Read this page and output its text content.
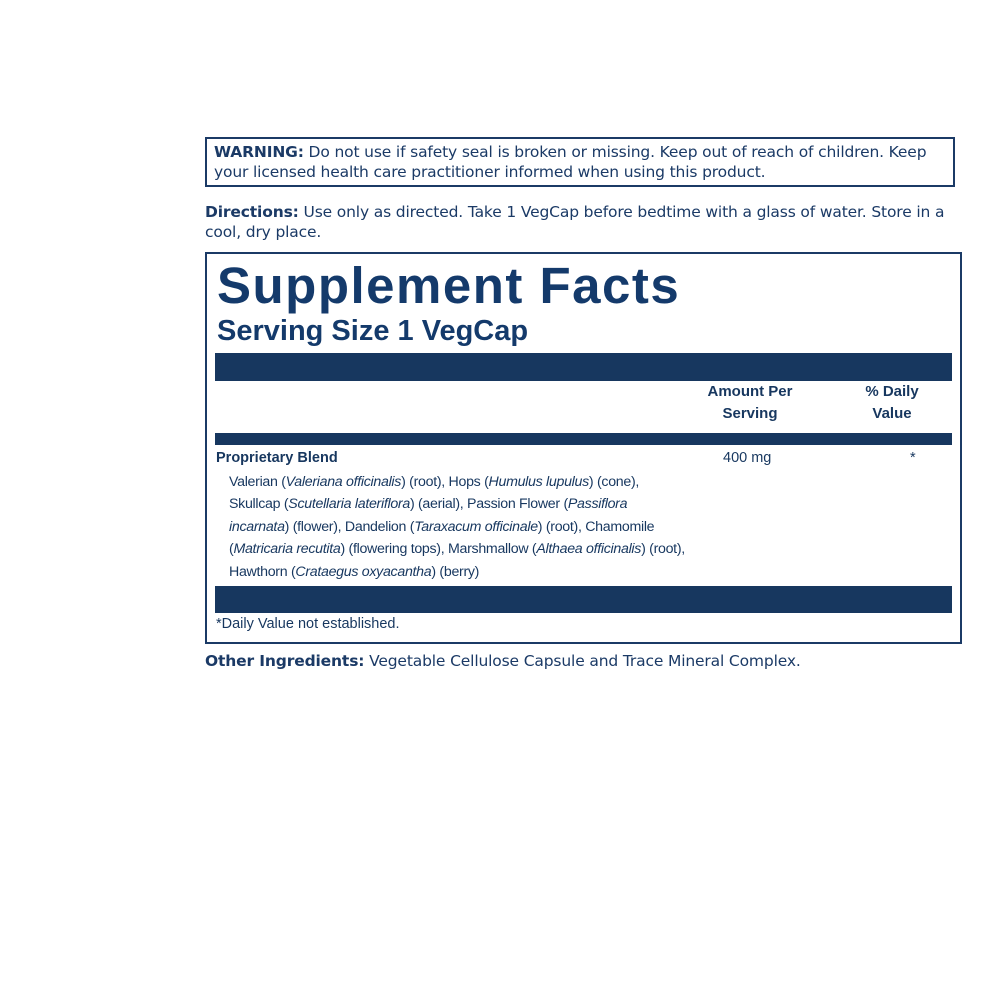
WARNING: Do not use if safety seal is broken or missing. Keep out of reach of children. Keep your licensed health care practitioner informed when using this product.
Directions: Use only as directed. Take 1 VegCap before bedtime with a glass of water. Store in a cool, dry place.
Supplement Facts
Serving Size 1 VegCap
Amount Per
Serving
% Daily
Value
Proprietary Blend	400 mg	*
Valerian (Valeriana officinalis) (root), Hops (Humulus lupulus) (cone), Skullcap (Scutellaria lateriflora) (aerial), Passion Flower (Passiflora incarnata) (flower), Dandelion (Taraxacum officinale) (root), Chamomile (Matricaria recutita) (flowering tops), Marshmallow (Althaea officinalis) (root), Hawthorn (Crataegus oxyacantha) (berry)
*Daily Value not established.
Other Ingredients: Vegetable Cellulose Capsule and Trace Mineral Complex.
